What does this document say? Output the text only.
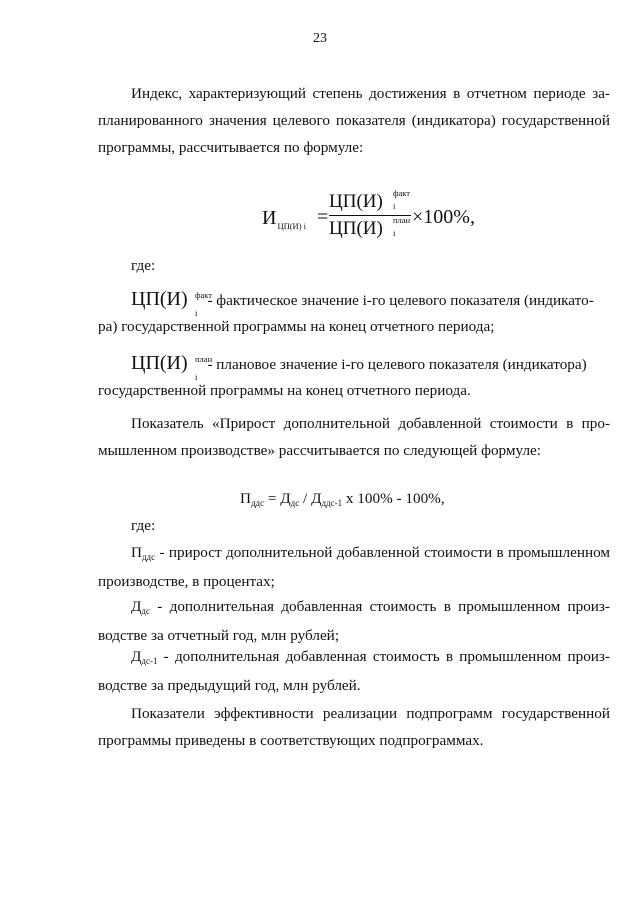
23
Индекс, характеризующий степень достижения в отчетном периоде за-
планированного значения целевого показателя (индикатора) государственной
программы, рассчитывается по формуле:
$И_{ЦП(И) i}$ =
ЦП(И) факт
i
ЦП(И) план
i
×100%,
где:
ЦП(И) факт
i
- фактическое значение i-го целевого показателя (индикато-
ра) государственной программы на конец отчетного периода;
ЦП(И) план
i
- плановое значение i-го целевого показателя (индикатора)
государственной программы на конец отчетного периода.
Показатель «Прирост дополнительной добавленной стоимости в про-
мышленном производстве» рассчитывается по следующей формуле:
Пддс = Ддс / Дддс-1 х 100% - 100%,
где:
Пддс - прирост дополнительной добавленной стоимости в промышленном
производстве, в процентах;
Ддс - дополнительная добавленная стоимость в промышленном произ-
водстве за отчетный год, млн рублей;
Ддс-1 - дополнительная добавленная стоимость в промышленном произ-
водстве за предыдущий год, млн рублей.
Показатели эффективности реализации подпрограмм государственной
программы приведены в соответствующих подпрограммах.
